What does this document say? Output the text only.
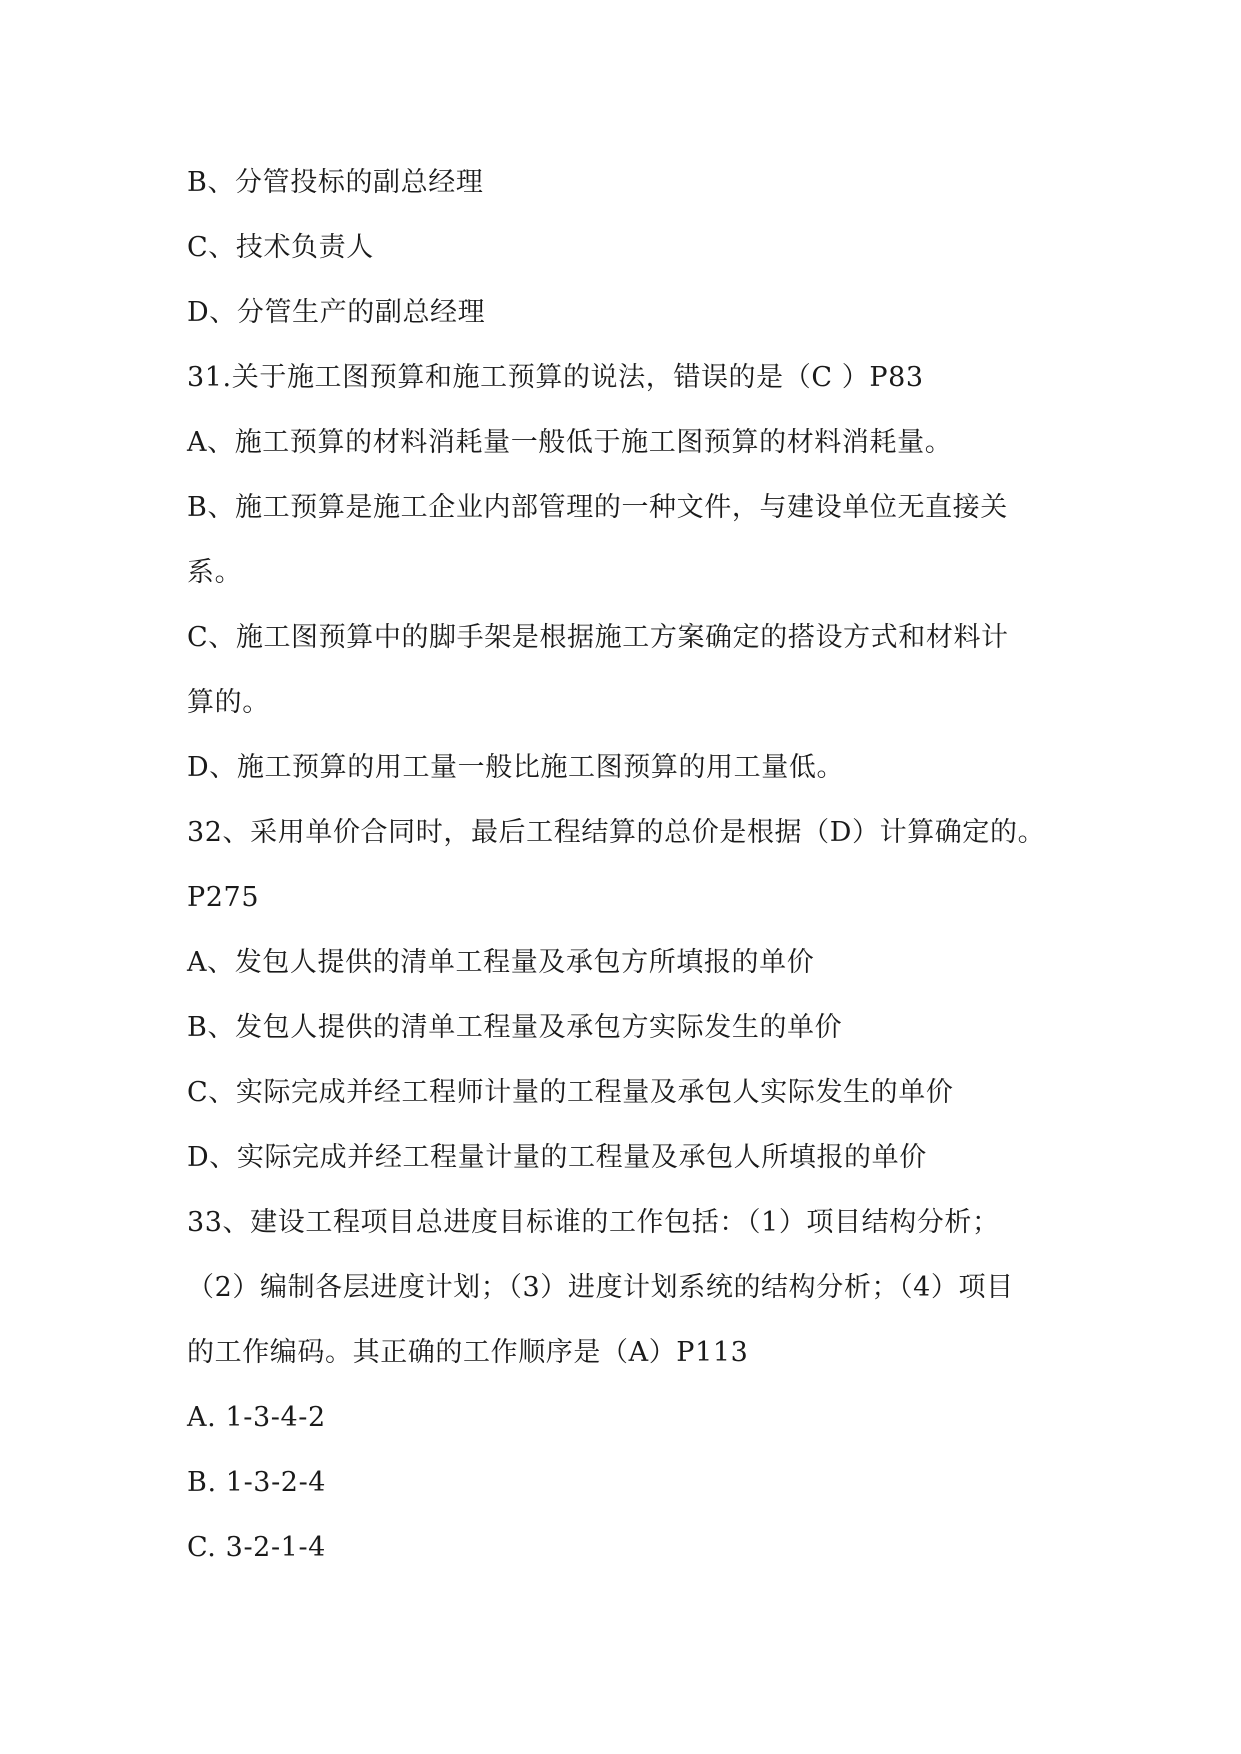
B、分管投标的副总经理

C、技术负责人

D、分管生产的副总经理

31.关于施工图预算和施工预算的说法，错误的是（C ）P83

A、施工预算的材料消耗量一般低于施工图预算的材料消耗量。

B、施工预算是施工企业内部管理的一种文件，与建设单位无直接关

系。

C、施工图预算中的脚手架是根据施工方案确定的搭设方式和材料计

算的。

D、施工预算的用工量一般比施工图预算的用工量低。

32、采用单价合同时，最后工程结算的总价是根据（D）计算确定的。

P275

A、发包人提供的清单工程量及承包方所填报的单价

B、发包人提供的清单工程量及承包方实际发生的单价

C、实际完成并经工程师计量的工程量及承包人实际发生的单价

D、实际完成并经工程量计量的工程量及承包人所填报的单价

33、建设工程项目总进度目标谁的工作包括：（1）项目结构分析；

（2）编制各层进度计划；（3）进度计划系统的结构分析；（4）项目

的工作编码。其正确的工作顺序是（A）P113

A. 1-3-4-2

B. 1-3-2-4

C. 3-2-1-4
